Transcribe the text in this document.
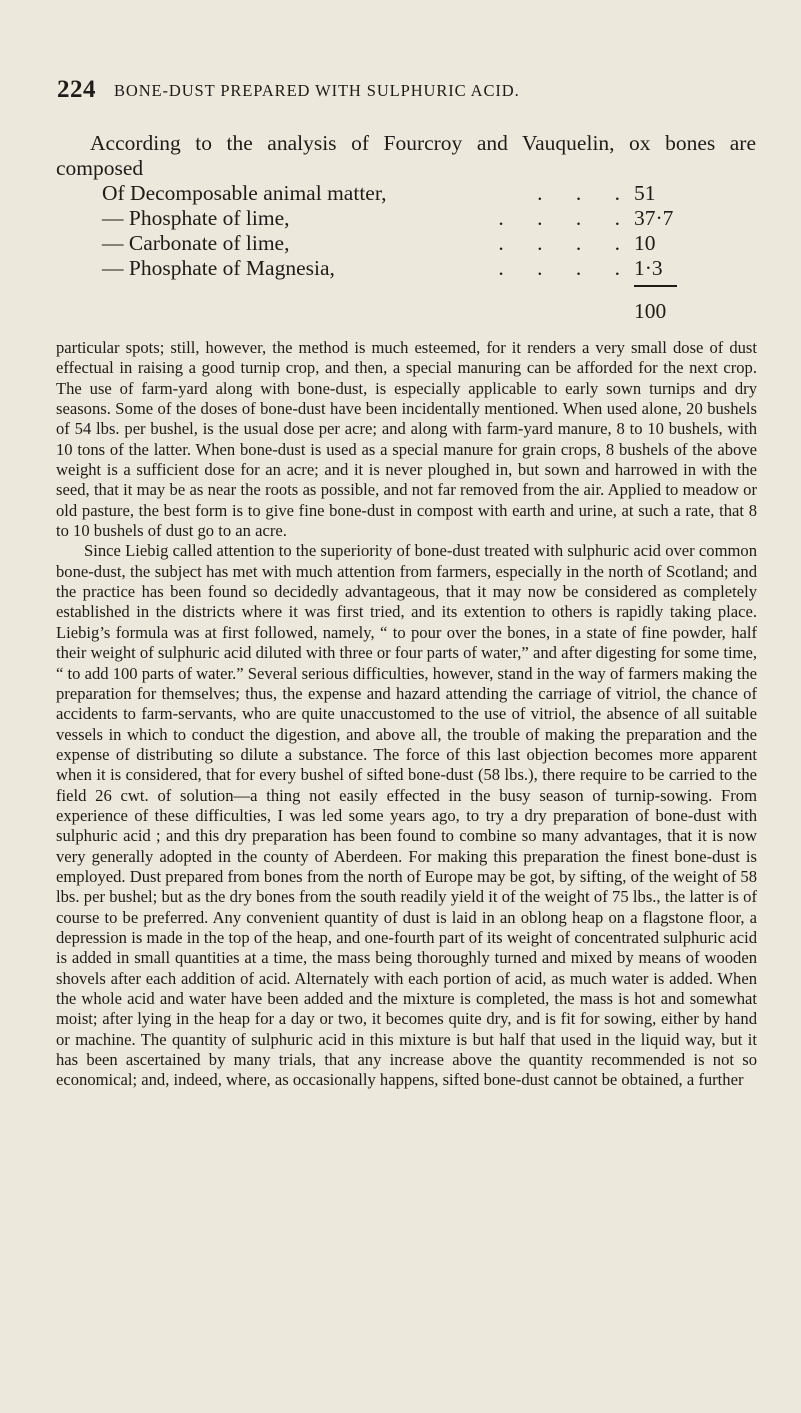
224 BONE-DUST PREPARED WITH SULPHURIC ACID.

According to the analysis of Fourcroy and Vauquelin, ox bones are composed

Of Decomposable animal matter,	. . . 51
— Phosphate of lime,	. . . . 37·7
— Carbonate of lime,	. . . . 10
— Phosphate of Magnesia,	. . . . 1·3
100

particular spots; still, however, the method is much esteemed, for it renders a very small dose of dust effectual in raising a good turnip crop, and then, a special manuring can be afforded for the next crop. The use of farm-yard along with bone-dust, is especially applicable to early sown turnips and dry seasons. Some of the doses of bone-dust have been incidentally mentioned. When used alone, 20 bushels of 54 lbs. per bushel, is the usual dose per acre; and along with farm-yard manure, 8 to 10 bushels, with 10 tons of the latter. When bone-dust is used as a special manure for grain crops, 8 bushels of the above weight is a sufficient dose for an acre; and it is never ploughed in, but sown and harrowed in with the seed, that it may be as near the roots as possible, and not far removed from the air. Applied to meadow or old pasture, the best form is to give fine bone-dust in compost with earth and urine, at such a rate, that 8 to 10 bushels of dust go to an acre.

Since Liebig called attention to the superiority of bone-dust treated with sulphuric acid over common bone-dust, the subject has met with much attention from farmers, especially in the north of Scotland; and the practice has been found so decidedly advantageous, that it may now be considered as completely established in the districts where it was first tried, and its extention to others is rapidly taking place. Liebig’s formula was at first followed, namely, “ to pour over the bones, in a state of fine powder, half their weight of sulphuric acid diluted with three or four parts of water,” and after digesting for some time, “ to add 100 parts of water.” Several serious difficulties, however, stand in the way of farmers making the preparation for themselves; thus, the expense and hazard attending the carriage of vitriol, the chance of accidents to farm-servants, who are quite unaccustomed to the use of vitriol, the absence of all suitable vessels in which to conduct the digestion, and above all, the trouble of making the preparation and the expense of distributing so dilute a substance. The force of this last objection becomes more apparent when it is considered, that for every bushel of sifted bone-dust (58 lbs.), there require to be carried to the field 26 cwt. of solution—a thing not easily effected in the busy season of turnip-sowing. From experience of these difficulties, I was led some years ago, to try a dry preparation of bone-dust with sulphuric acid ; and this dry preparation has been found to combine so many advantages, that it is now very generally adopted in the county of Aberdeen. For making this preparation the finest bone-dust is employed. Dust prepared from bones from the north of Europe may be got, by sifting, of the weight of 58 lbs. per bushel; but as the dry bones from the south readily yield it of the weight of 75 lbs., the latter is of course to be preferred. Any convenient quantity of dust is laid in an oblong heap on a flagstone floor, a depression is made in the top of the heap, and one-fourth part of its weight of concentrated sulphuric acid is added in small quantities at a time, the mass being thoroughly turned and mixed by means of wooden shovels after each addition of acid. Alternately with each portion of acid, as much water is added. When the whole acid and water have been added and the mixture is completed, the mass is hot and somewhat moist; after lying in the heap for a day or two, it becomes quite dry, and is fit for sowing, either by hand or machine. The quantity of sulphuric acid in this mixture is but half that used in the liquid way, but it has been ascertained by many trials, that any increase above the quantity recommended is not so economical; and, indeed, where, as occasionally happens, sifted bone-dust cannot be obtained, a further
